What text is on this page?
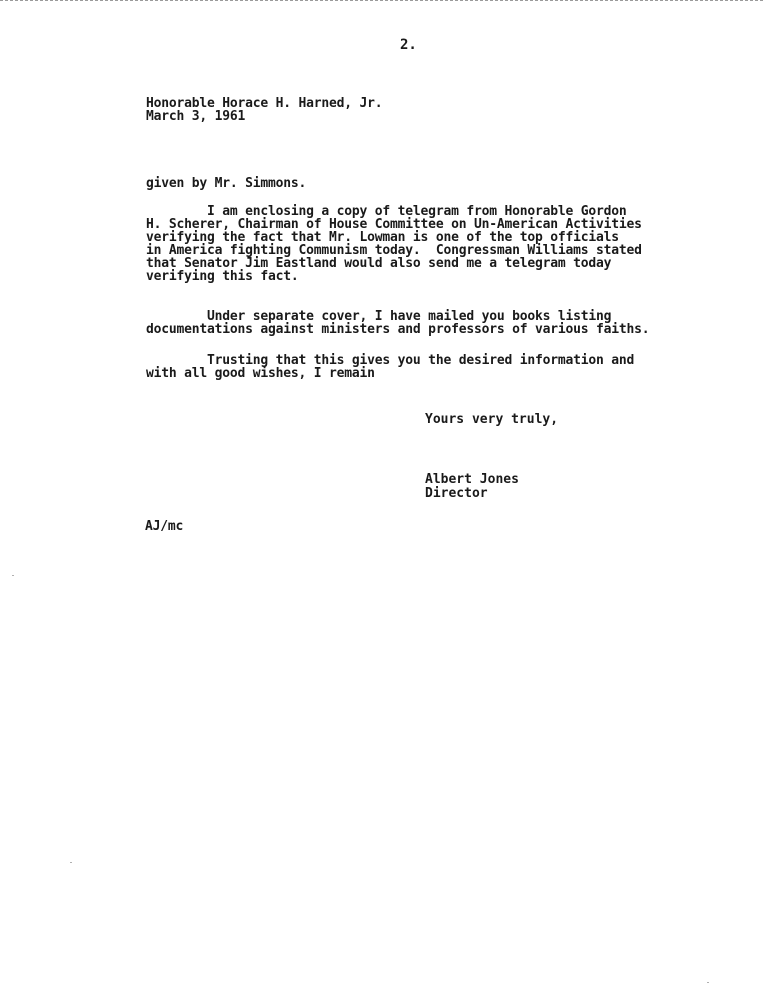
2.
Honorable Horace H. Harned, Jr.
March 3, 1961
given by Mr. Simmons.
I am enclosing a copy of telegram from Honorable Gordon
H. Scherer, Chairman of House Committee on Un-American Activities
verifying the fact that Mr. Lowman is one of the top officials
in America fighting Communism today.  Congressman Williams stated
that Senator Jim Eastland would also send me a telegram today
verifying this fact.
Under separate cover, I have mailed you books listing
documentations against ministers and professors of various faiths.
Trusting that this gives you the desired information and
with all good wishes, I remain
Yours very truly,
Albert Jones
Director
AJ/mc
